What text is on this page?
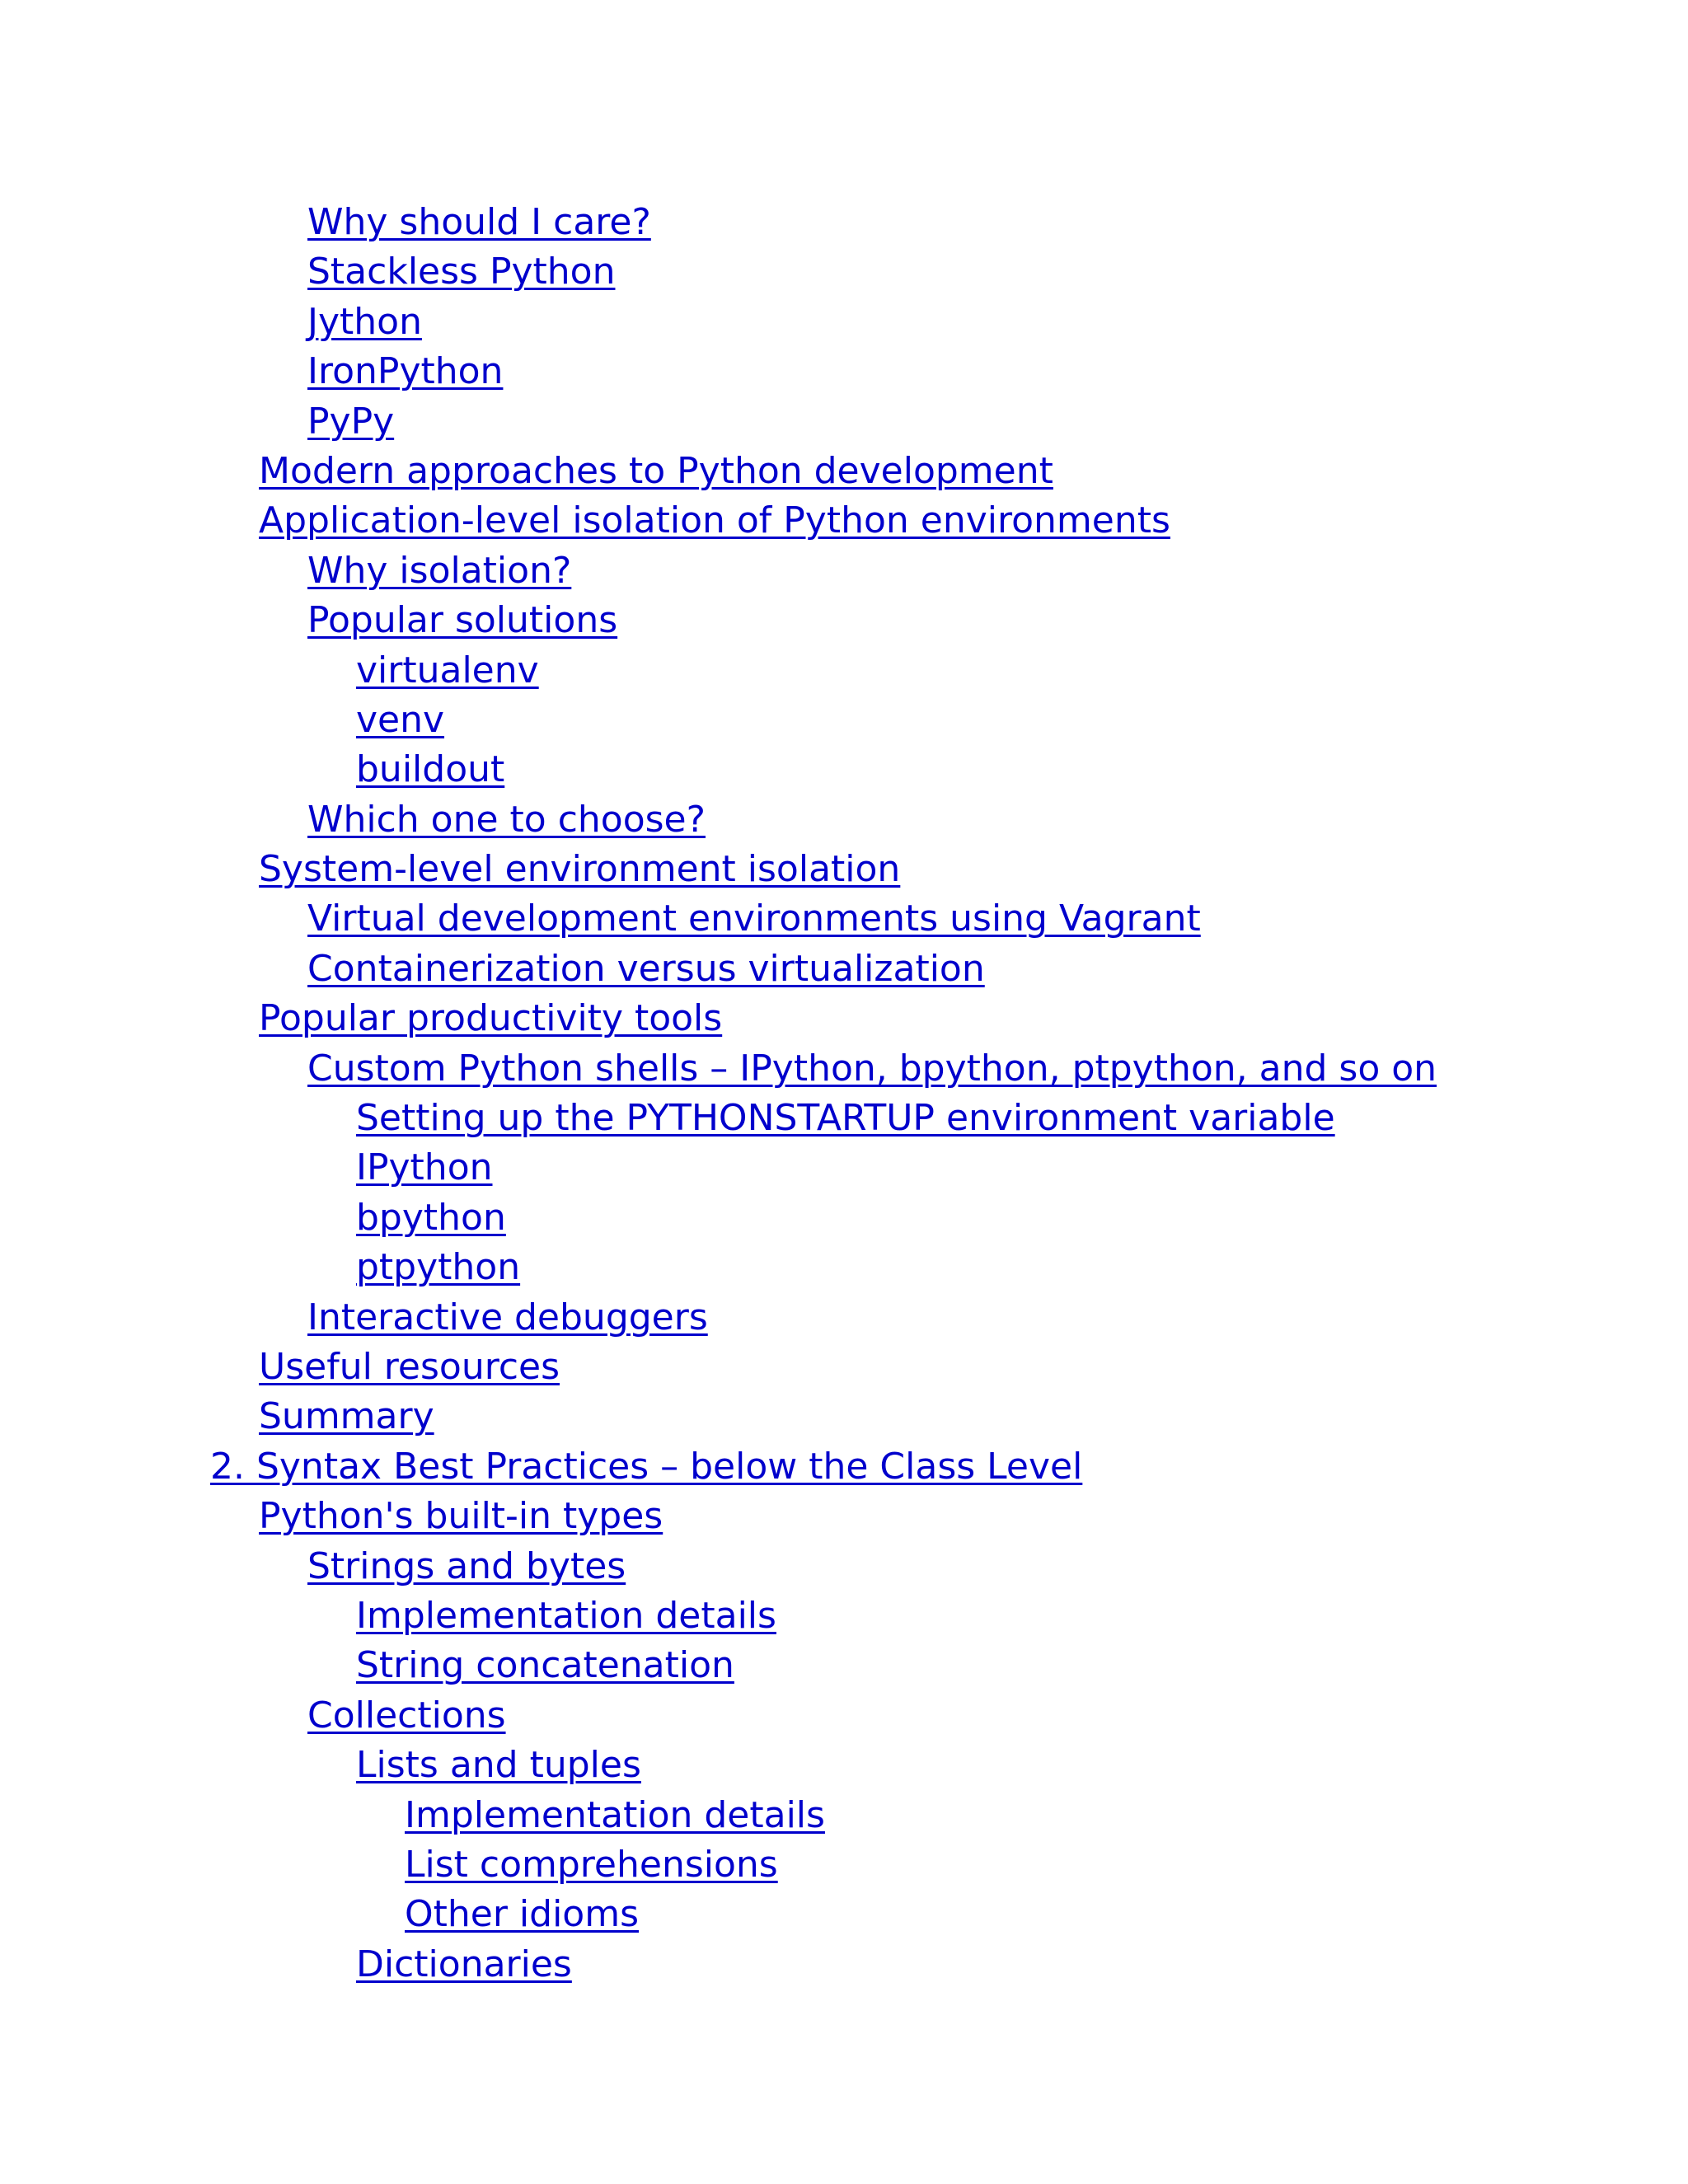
Why should I care?
Stackless Python
Jython
IronPython
PyPy
Modern approaches to Python development
Application-level isolation of Python environments
Why isolation?
Popular solutions
virtualenv
venv
buildout
Which one to choose?
System-level environment isolation
Virtual development environments using Vagrant
Containerization versus virtualization
Popular productivity tools
Custom Python shells – IPython, bpython, ptpython, and so on
Setting up the PYTHONSTARTUP environment variable
IPython
bpython
ptpython
Interactive debuggers
Useful resources
Summary
2. Syntax Best Practices – below the Class Level
Python's built-in types
Strings and bytes
Implementation details
String concatenation
Collections
Lists and tuples
Implementation details
List comprehensions
Other idioms
Dictionaries
